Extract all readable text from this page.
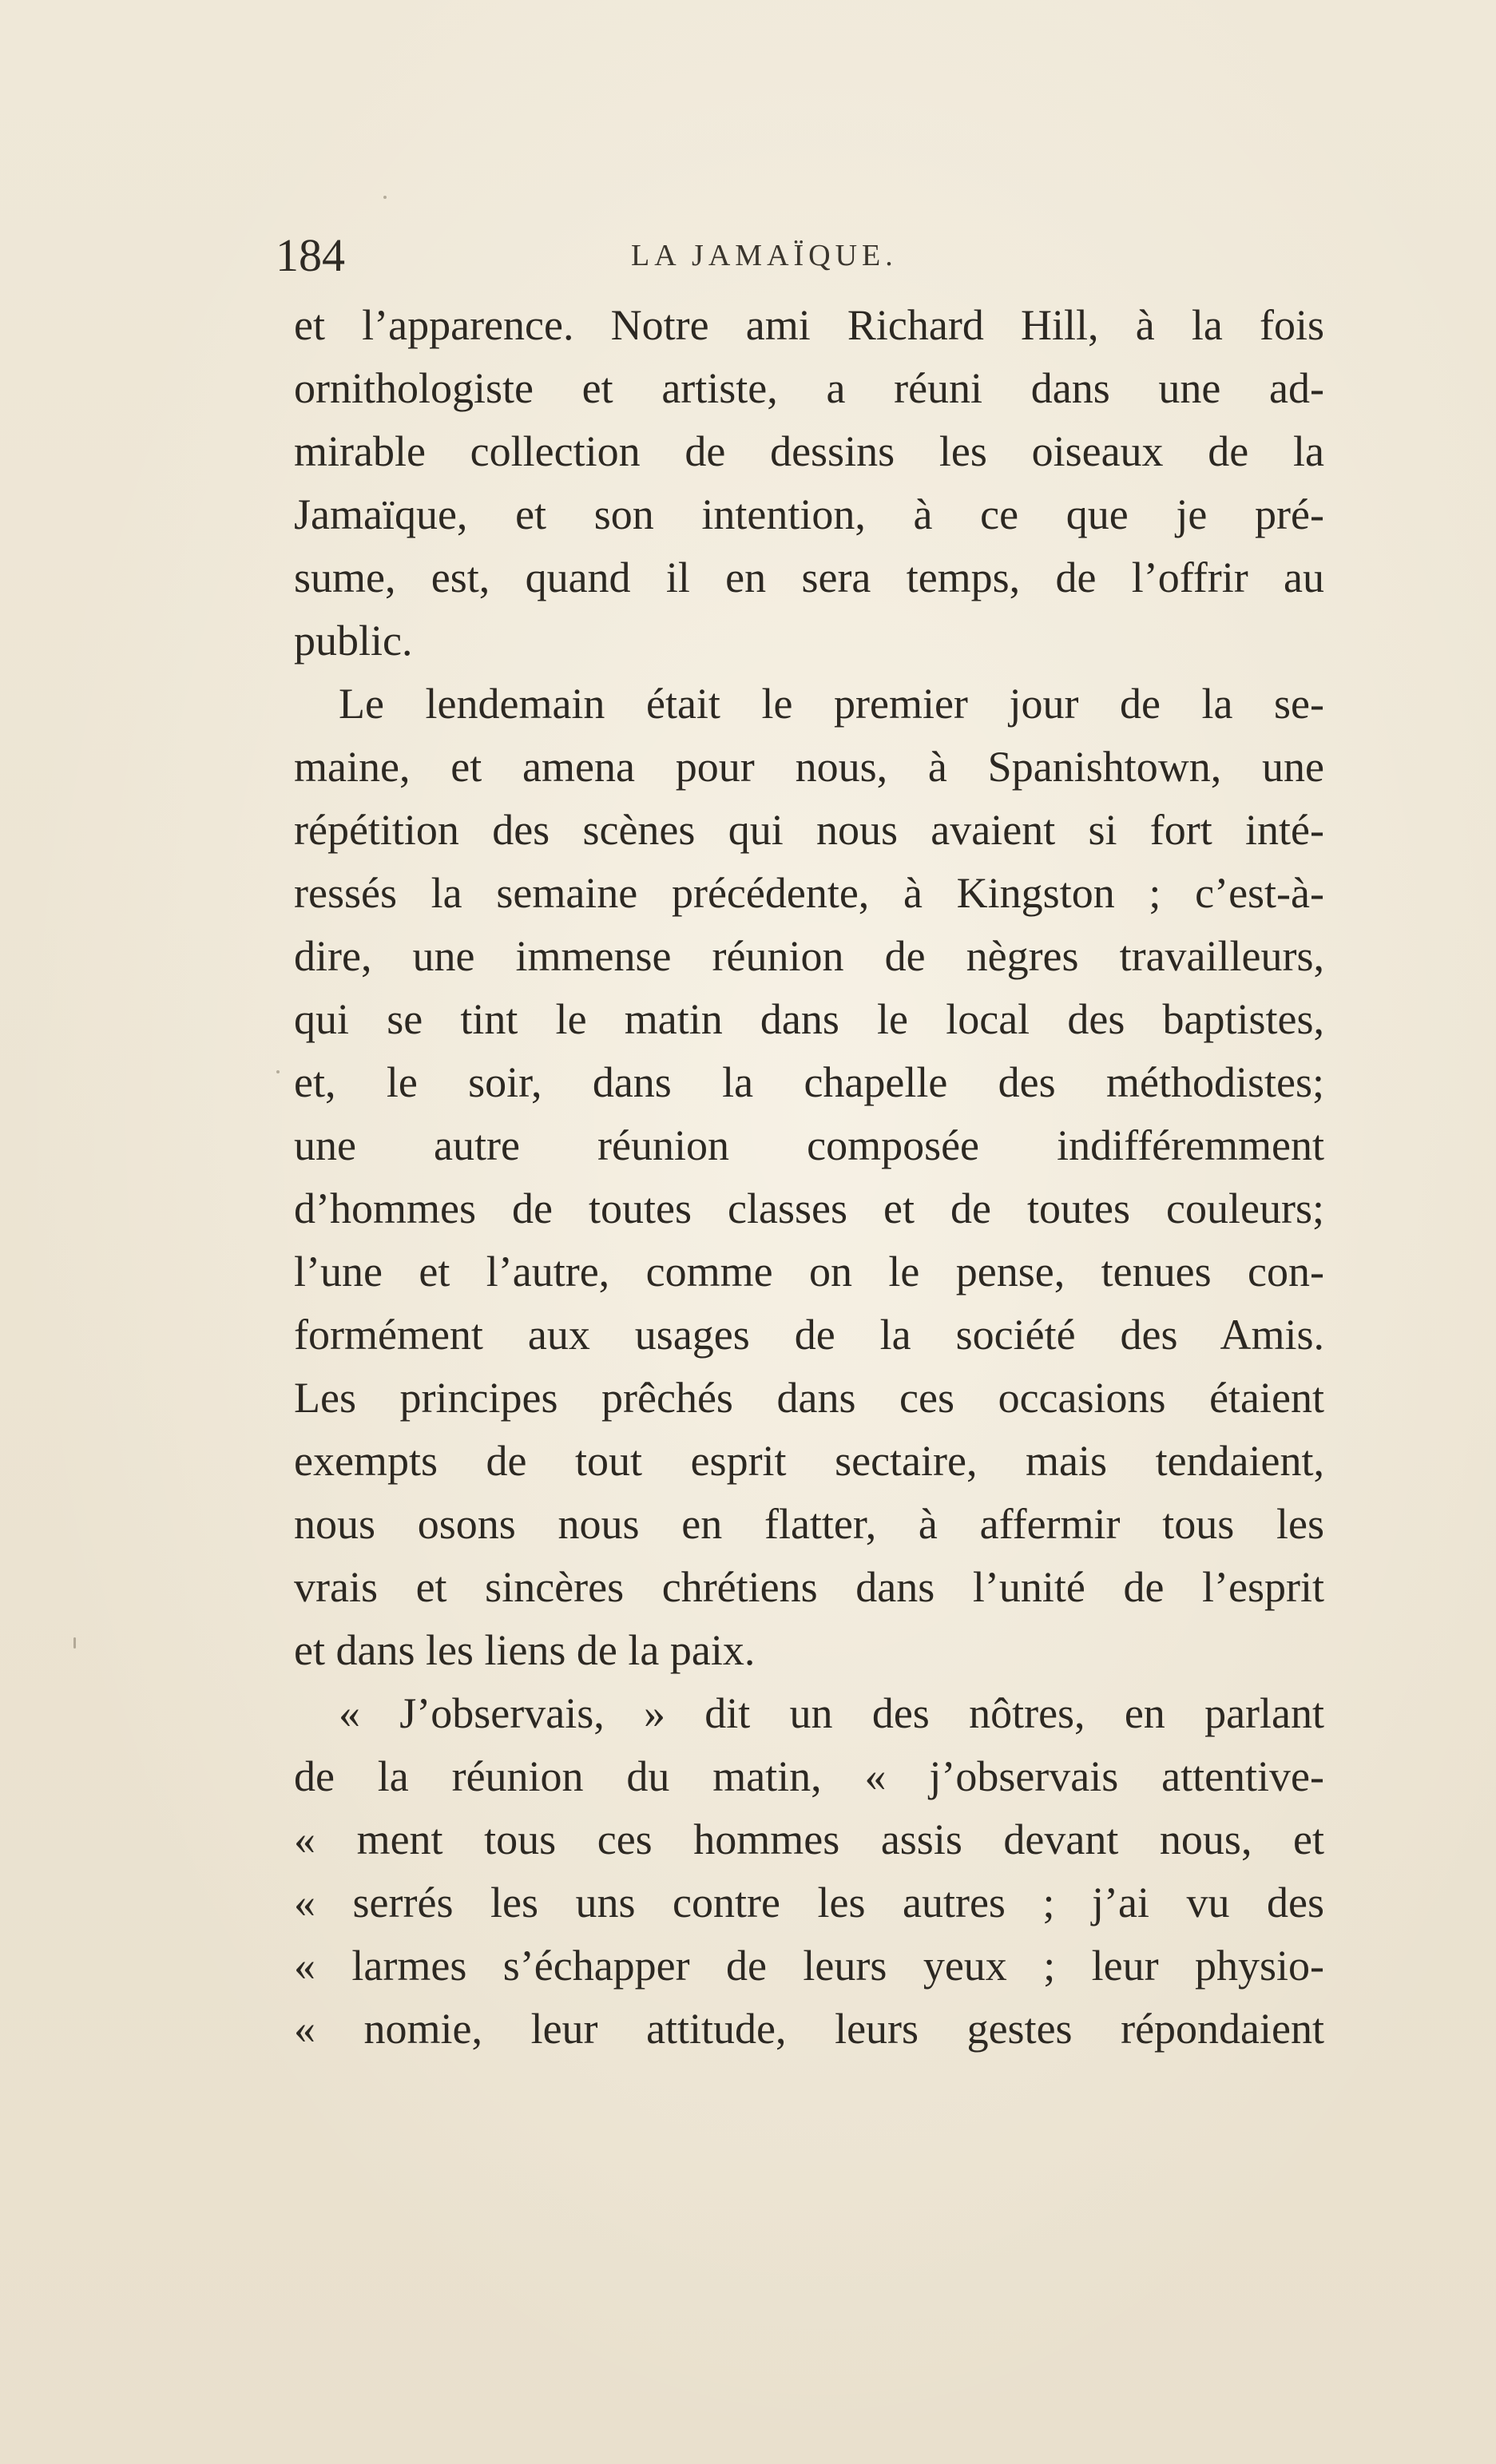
184	LA JAMAÏQUE.
et l’apparence. Notre ami Richard Hill, à la fois
ornithologiste et artiste, a réuni dans une ad-
mirable collection de dessins les oiseaux de la
Jamaïque, et son intention, à ce que je pré-
sume, est, quand il en sera temps, de l’offrir au
public.
Le lendemain était le premier jour de la se-
maine, et amena pour nous, à Spanishtown, une
répétition des scènes qui nous avaient si fort inté-
ressés la semaine précédente, à Kingston ; c’est-à-
dire, une immense réunion de nègres travailleurs,
qui se tint le matin dans le local des baptistes,
et, le soir, dans la chapelle des méthodistes;
une autre réunion composée indifféremment
d’hommes de toutes classes et de toutes couleurs;
l’une et l’autre, comme on le pense, tenues con-
formément aux usages de la société des Amis.
Les principes prêchés dans ces occasions étaient
exempts de tout esprit sectaire, mais tendaient,
nous osons nous en flatter, à affermir tous les
vrais et sincères chrétiens dans l’unité de l’esprit
et dans les liens de la paix.
« J’observais, » dit un des nôtres, en parlant
de la réunion du matin, « j’observais attentive-
« ment tous ces hommes assis devant nous, et
« serrés les uns contre les autres ; j’ai vu des
« larmes s’échapper de leurs yeux ; leur physio-
« nomie, leur attitude, leurs gestes répondaient
